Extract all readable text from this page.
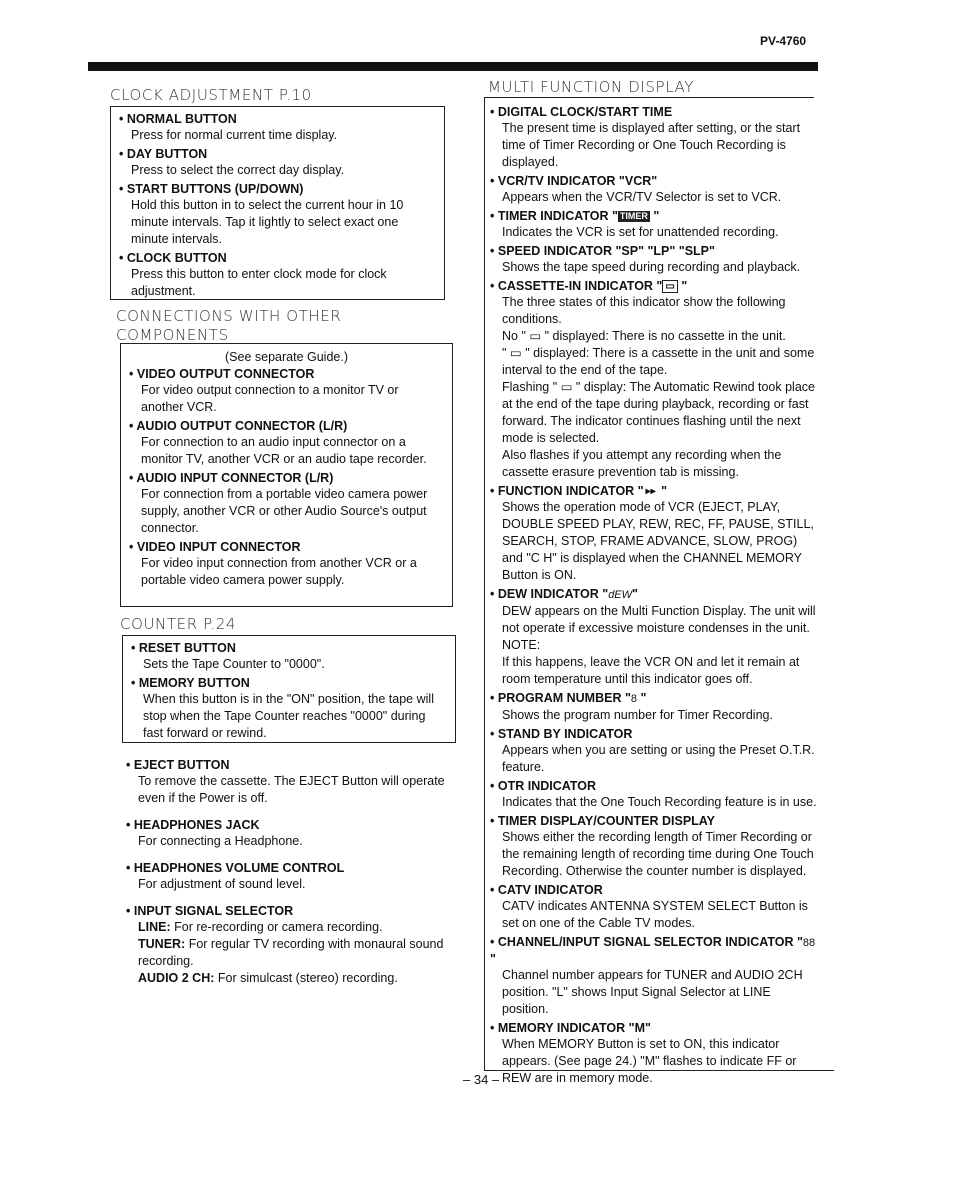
PV-4760
CLOCK ADJUSTMENT P.10
• NORMAL BUTTON
Press for normal current time display.
• DAY BUTTON
Press to select the correct day display.
• START BUTTONS (UP/DOWN)
Hold this button in to select the current hour in 10 minute intervals. Tap it lightly to select exact one minute intervals.
• CLOCK BUTTON
Press this button to enter clock mode for clock adjustment.
CONNECTIONS WITH OTHER
COMPONENTS
(See separate Guide.)
• VIDEO OUTPUT CONNECTOR
For video output connection to a monitor TV or another VCR.
• AUDIO OUTPUT CONNECTOR (L/R)
For connection to an audio input connector on a monitor TV, another VCR or an audio tape recorder.
• AUDIO INPUT CONNECTOR (L/R)
For connection from a portable video camera power supply, another VCR or other Audio Source's output connector.
• VIDEO INPUT CONNECTOR
For video input connection from another VCR or a portable video camera power supply.
COUNTER P.24
• RESET BUTTON
Sets the Tape Counter to "0000".
• MEMORY BUTTON
When this button is in the "ON" position, the tape will stop when the Tape Counter reaches "0000" during fast forward or rewind.
• EJECT BUTTON
To remove the cassette. The EJECT Button will operate even if the Power is off.
• HEADPHONES JACK
For connecting a Headphone.
• HEADPHONES VOLUME CONTROL
For adjustment of sound level.
• INPUT SIGNAL SELECTOR
LINE: For re-recording or camera recording.
TUNER: For regular TV recording with monaural sound recording.
AUDIO 2 CH: For simulcast (stereo) recording.
MULTI FUNCTION DISPLAY
• DIGITAL CLOCK/START TIME
The present time is displayed after setting, or the start time of Timer Recording or One Touch Recording is displayed.
• VCR/TV INDICATOR "VCR"
Appears when the VCR/TV Selector is set to VCR.
• TIMER INDICATOR " TIMER "
Indicates the VCR is set for unattended recording.
• SPEED INDICATOR "SP" "LP" "SLP"
Shows the tape speed during recording and playback.
• CASSETTE-IN INDICATOR " ▭ "
The three states of this indicator show the following conditions.
No " ▭ " displayed: There is no cassette in the unit.
" ▭ " displayed: There is a cassette in the unit and some interval to the end of the tape.
Flashing " ▭ " display: The Automatic Rewind took place at the end of the tape during playback, recording or fast forward. The indicator continues flashing until the next mode is selected.
Also flashes if you attempt any recording when the cassette erasure prevention tab is missing.
• FUNCTION INDICATOR " ▸▸ "
Shows the operation mode of VCR (EJECT, PLAY, DOUBLE SPEED PLAY, REW, REC, FF, PAUSE, STILL, SEARCH, STOP, FRAME ADVANCE, SLOW, PROG) and "C H" is displayed when the CHANNEL MEMORY Button is ON.
• DEW INDICATOR "dEW"
DEW appears on the Multi Function Display. The unit will not operate if excessive moisture condenses in the unit.
NOTE:
If this happens, leave the VCR ON and let it remain at room temperature until this indicator goes off.
• PROGRAM NUMBER "8 "
Shows the program number for Timer Recording.
• STAND BY INDICATOR
Appears when you are setting or using the Preset O.T.R. feature.
• OTR INDICATOR
Indicates that the One Touch Recording feature is in use.
• TIMER DISPLAY/COUNTER DISPLAY
Shows either the recording length of Timer Recording or the remaining length of recording time during One Touch Recording. Otherwise the counter number is displayed.
• CATV INDICATOR
CATV indicates ANTENNA SYSTEM SELECT Button is set on one of the Cable TV modes.
• CHANNEL/INPUT SIGNAL SELECTOR INDICATOR "88 "
Channel number appears for TUNER and AUDIO 2CH position. "L" shows Input Signal Selector at LINE position.
• MEMORY INDICATOR "M"
When MEMORY Button is set to ON, this indicator appears. (See page 24.) "M" flashes to indicate FF or REW are in memory mode.
– 34 –
